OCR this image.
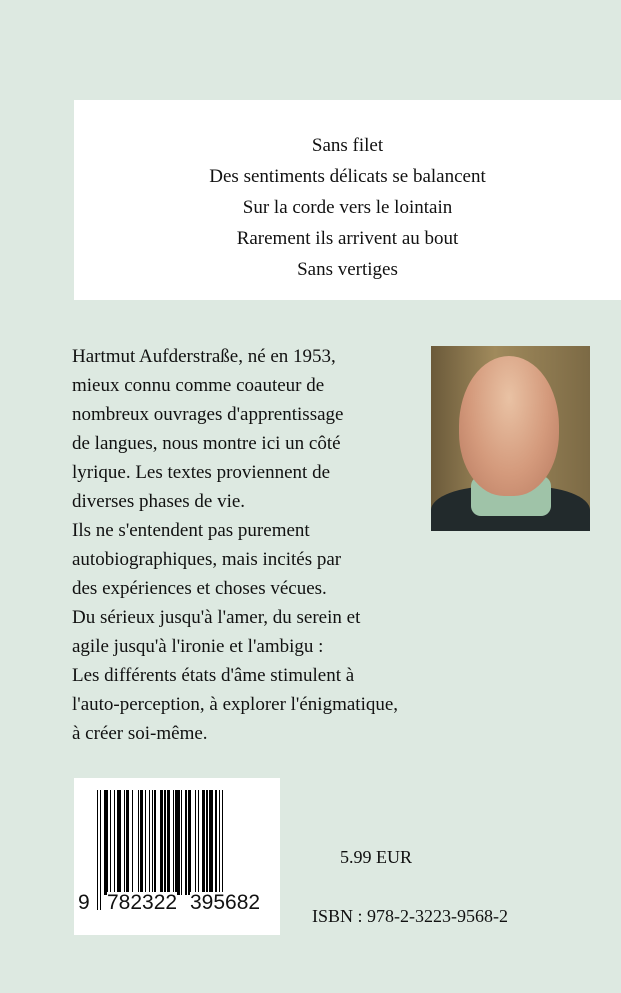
Sans filet
Des sentiments délicats se balancent
Sur la corde vers le lointain
Rarement ils arrivent au bout
Sans vertiges
Hartmut Aufderstraße, né en 1953,
mieux connu comme coauteur de
nombreux ouvrages d'apprentissage
de langues, nous montre ici un côté
lyrique. Les textes proviennent de
diverses phases de vie.
Ils ne s'entendent pas purement
autobiographiques, mais incités par
des expériences et choses vécues.
Du sérieux jusqu'à l'amer, du serein et
agile jusqu'à l'ironie et l'ambigu :
Les différents états d'âme stimulent à
l'auto-perception, à explorer l'énigmatique,
à créer soi-même.
9 782322 395682
5.99 EUR
ISBN : 978-2-3223-9568-2
